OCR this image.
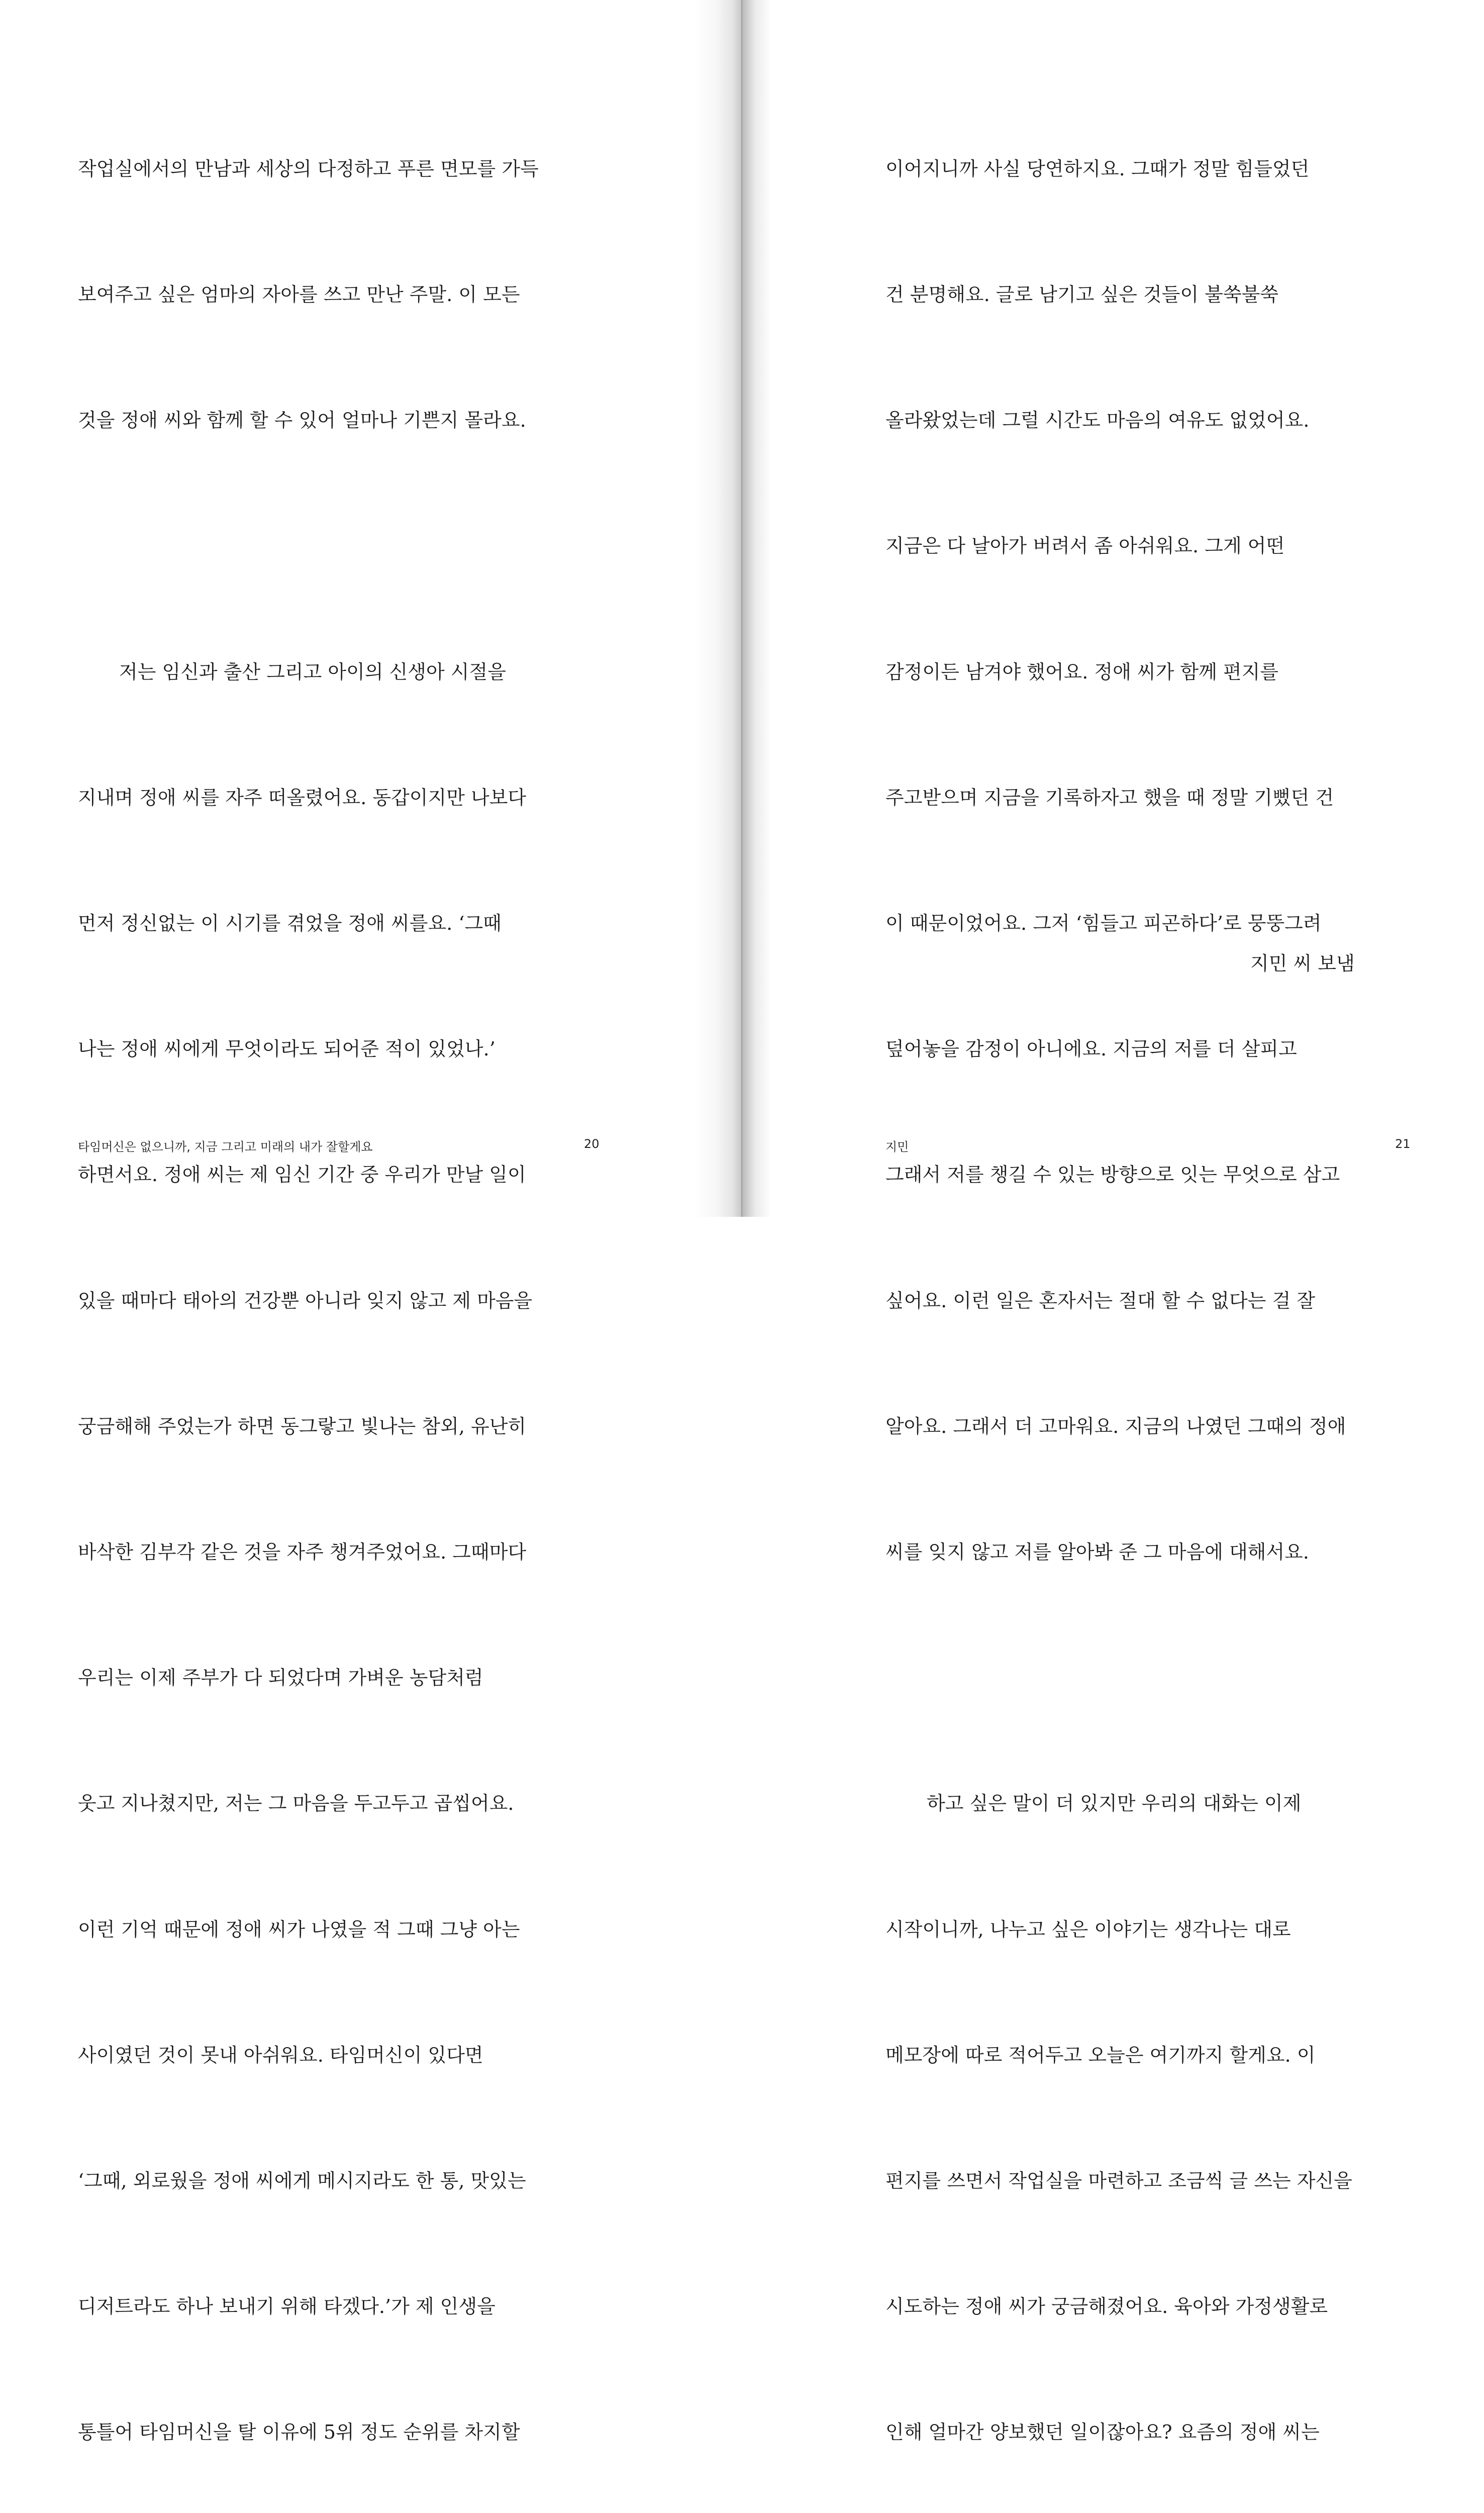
작업실에서의 만남과 세상의 다정하고 푸른 면모를 가득

보여주고 싶은 엄마의 자아를 쓰고 만난 주말. 이 모든

것을 정애 씨와 함께 할 수 있어 얼마나 기쁜지 몰라요.

저는 임신과 출산 그리고 아이의 신생아 시절을

지내며 정애 씨를 자주 떠올렸어요. 동갑이지만 나보다

먼저 정신없는 이 시기를 겪었을 정애 씨를요. ‘그때

나는 정애 씨에게 무엇이라도 되어준 적이 있었나.’

하면서요. 정애 씨는 제 임신 기간 중 우리가 만날 일이

있을 때마다 태아의 건강뿐 아니라 잊지 않고 제 마음을

궁금해해 주었는가 하면 동그랗고 빛나는 참외, 유난히

바삭한 김부각 같은 것을 자주 챙겨주었어요. 그때마다

우리는 이제 주부가 다 되었다며 가벼운 농담처럼

웃고 지나쳤지만, 저는 그 마음을 두고두고 곱씹어요.

이런 기억 때문에 정애 씨가 나였을 적 그때 그냥 아는

사이였던 것이 못내 아쉬워요. 타임머신이 있다면

‘그때, 외로웠을 정애 씨에게 메시지라도 한 통, 맛있는

디저트라도 하나 보내기 위해 타겠다.’가 제 인생을

통틀어 타임머신을 탈 이유에 5위 정도 순위를 차지할

타임머신은 없으니까, 지금 그리고 미래의 내가 잘할게요	20

이어지니까 사실 당연하지요. 그때가 정말 힘들었던

건 분명해요. 글로 남기고 싶은 것들이 불쑥불쑥

올라왔었는데 그럴 시간도 마음의 여유도 없었어요.

지금은 다 날아가 버려서 좀 아쉬워요. 그게 어떤

감정이든 남겨야 했어요. 정애 씨가 함께 편지를

주고받으며 지금을 기록하자고 했을 때 정말 기뻤던 건

이 때문이었어요. 그저 ‘힘들고 피곤하다’로 뭉뚱그려

덮어놓을 감정이 아니에요. 지금의 저를 더 살피고

그래서 저를 챙길 수 있는 방향으로 잇는 무엇으로 삼고

싶어요. 이런 일은 혼자서는 절대 할 수 없다는 걸 잘

알아요. 그래서 더 고마워요. 지금의 나였던 그때의 정애

씨를 잊지 않고 저를 알아봐 준 그 마음에 대해서요.

하고 싶은 말이 더 있지만 우리의 대화는 이제

시작이니까, 나누고 싶은 이야기는 생각나는 대로

메모장에 따로 적어두고 오늘은 여기까지 할게요. 이

편지를 쓰면서 작업실을 마련하고 조금씩 글 쓰는 자신을

시도하는 정애 씨가 궁금해졌어요. 육아와 가정생활로

인해 얼마간 양보했던 일이잖아요? 요즘의 정애 씨는

지민 씨 보냄
지민	21
